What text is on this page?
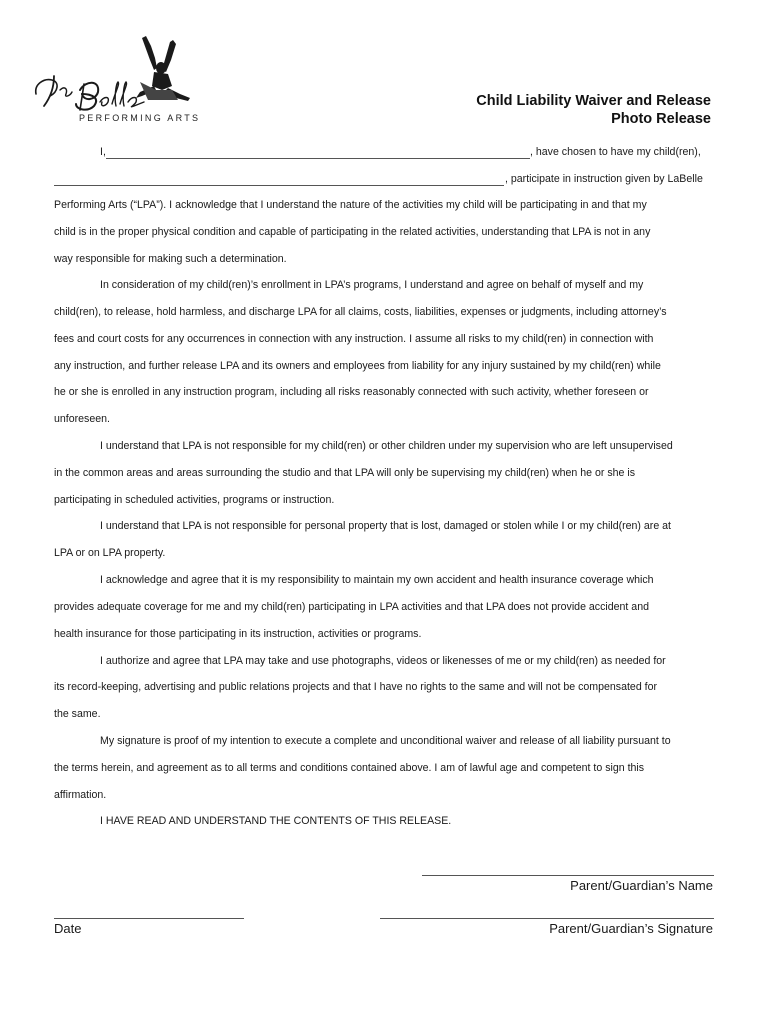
PERFORMING ARTS
Child Liability Waiver and Release
Photo Release
I,	, have chosen to have my child(ren),
, participate in instruction given by LaBelle
Performing Arts (“LPA”). I acknowledge that I understand the nature of the activities my child will be participating in and that my
child is in the proper physical condition and capable of participating in the related activities, understanding that LPA is not in any
way responsible for making such a determination.
In consideration of my child(ren)’s enrollment in LPA’s programs, I understand and agree on behalf of myself and my
child(ren), to release, hold harmless, and discharge LPA for all claims, costs, liabilities, expenses or judgments, including attorney’s
fees and court costs for any occurrences in connection with any instruction. I assume all risks to my child(ren) in connection with
any instruction, and further release LPA and its owners and employees from liability for any injury sustained by my child(ren) while
he or she is enrolled in any instruction program, including all risks reasonably connected with such activity, whether foreseen or
unforeseen.
I understand that LPA is not responsible for my child(ren) or other children under my supervision who are left unsupervised
in the common areas and areas surrounding the studio and that LPA will only be supervising my child(ren) when he or she is
participating in scheduled activities, programs or instruction.
I understand that LPA is not responsible for personal property that is lost, damaged or stolen while I or my child(ren) are at
LPA or on LPA property.
I acknowledge and agree that it is my responsibility to maintain my own accident and health insurance coverage which
provides adequate coverage for me and my child(ren) participating in LPA activities and that LPA does not provide accident and
health insurance for those participating in its instruction, activities or programs.
I authorize and agree that LPA may take and use photographs, videos or likenesses of me or my child(ren) as needed for
its record-keeping, advertising and public relations projects and that I have no rights to the same and will not be compensated for
the same.
My signature is proof of my intention to execute a complete and unconditional waiver and release of all liability pursuant to
the terms herein, and agreement as to all terms and conditions contained above. I am of lawful age and competent to sign this
affirmation.
I HAVE READ AND UNDERSTAND THE CONTENTS OF THIS RELEASE.
Parent/Guardian’s Name
Date	Parent/Guardian’s Signature
